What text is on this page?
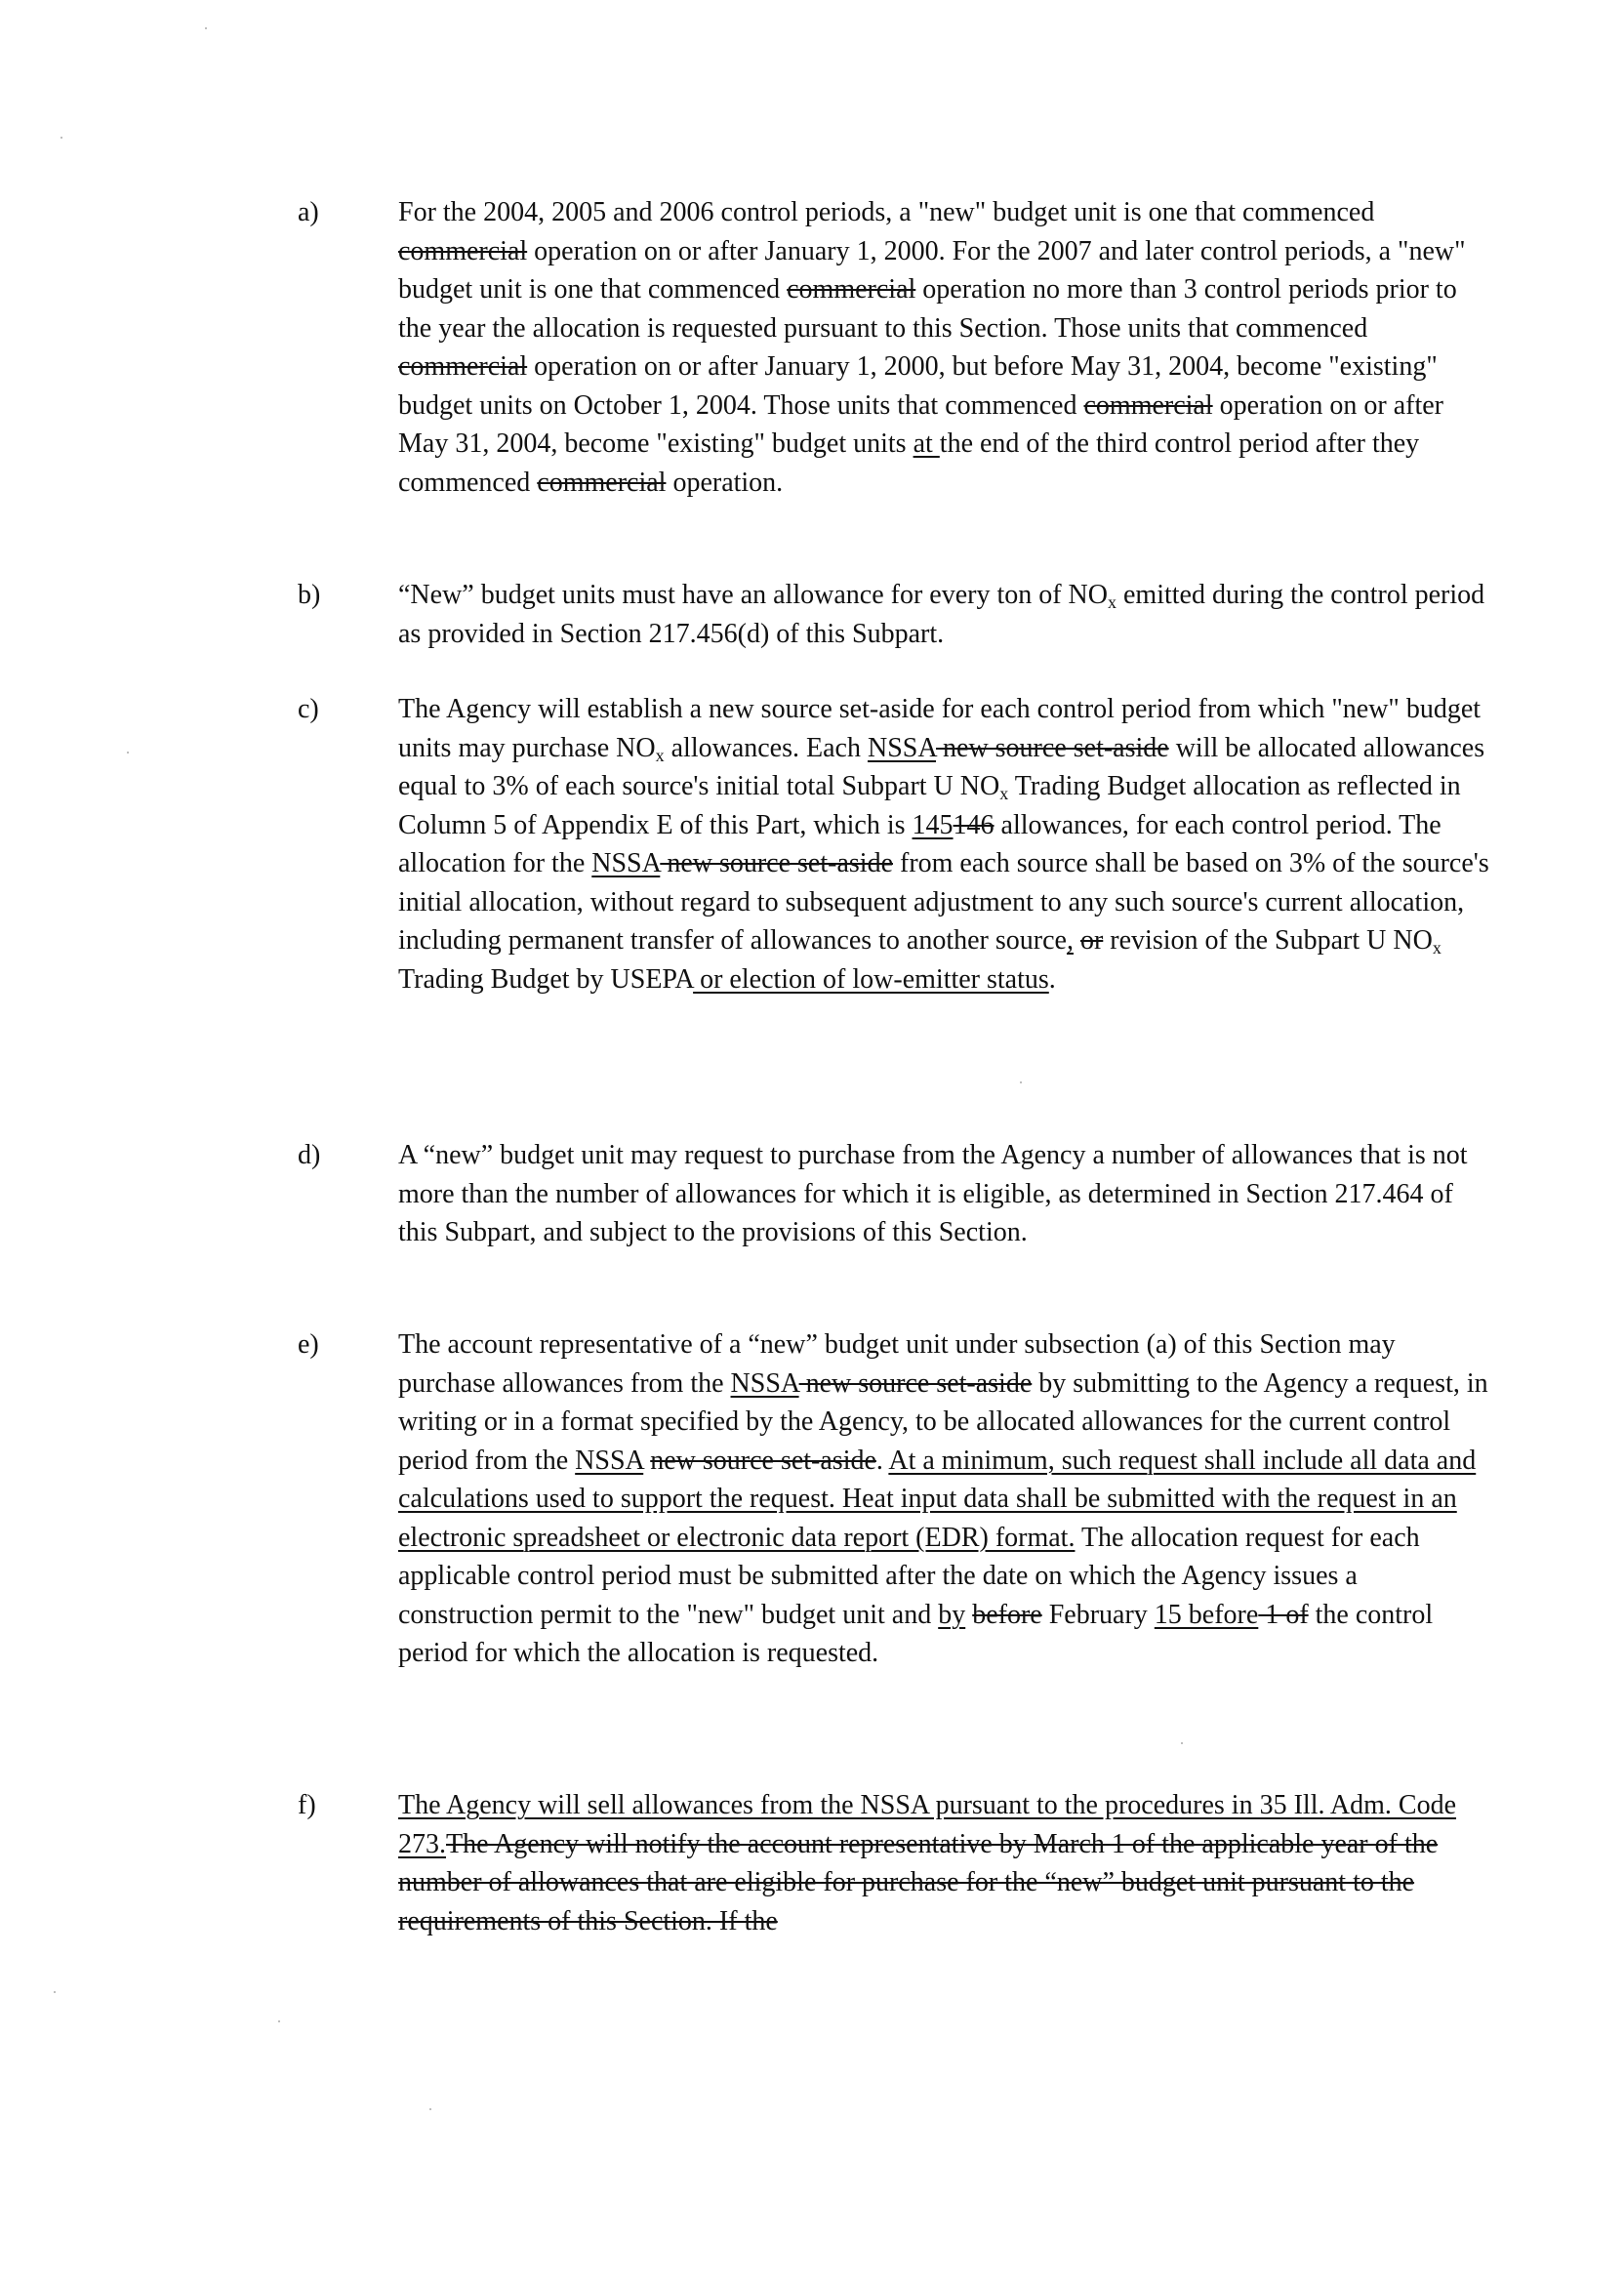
a)	For the 2004, 2005 and 2006 control periods, a "new" budget unit is one that commenced commercial operation on or after January 1, 2000. For the 2007 and later control periods, a "new" budget unit is one that commenced commercial operation no more than 3 control periods prior to the year the allocation is requested pursuant to this Section. Those units that commenced commercial operation on or after January 1, 2000, but before May 31, 2004, become "existing" budget units on October 1, 2004. Those units that commenced commercial operation on or after May 31, 2004, become "existing" budget units at the end of the third control period after they commenced commercial operation.
b)	“New” budget units must have an allowance for every ton of $NO_x$ emitted during the control period as provided in Section 217.456(d) of this Subpart.
c)	The Agency will establish a new source set-aside for each control period from which "new" budget units may purchase $NO_x$ allowances. Each NSSA new source set-aside will be allocated allowances equal to 3% of each source's initial total Subpart U $NO_x$ Trading Budget allocation as reflected in Column 5 of Appendix E of this Part, which is 145146 allowances, for each control period. The allocation for the NSSA new source set-aside from each source shall be based on 3% of the source's initial allocation, without regard to subsequent adjustment to any such source's current allocation, including permanent transfer of allowances to another source, or revision of the Subpart U $NO_x$ Trading Budget by USEPA or election of low-emitter status.
d)	A “new” budget unit may request to purchase from the Agency a number of allowances that is not more than the number of allowances for which it is eligible, as determined in Section 217.464 of this Subpart, and subject to the provisions of this Section.
e)	The account representative of a “new” budget unit under subsection (a) of this Section may purchase allowances from the NSSA new source set-aside by submitting to the Agency a request, in writing or in a format specified by the Agency, to be allocated allowances for the current control period from the NSSA new source set-aside. At a minimum, such request shall include all data and calculations used to support the request. Heat input data shall be submitted with the request in an electronic spreadsheet or electronic data report (EDR) format. The allocation request for each applicable control period must be submitted after the date on which the Agency issues a construction permit to the "new" budget unit and by before February 15 before 1 of the control period for which the allocation is requested.
f)	The Agency will sell allowances from the NSSA pursuant to the procedures in 35 Ill. Adm. Code 273.The Agency will notify the account representative by March 1 of the applicable year of the number of allowances that are eligible for purchase for the “new” budget unit pursuant to the requirements of this Section. If the
